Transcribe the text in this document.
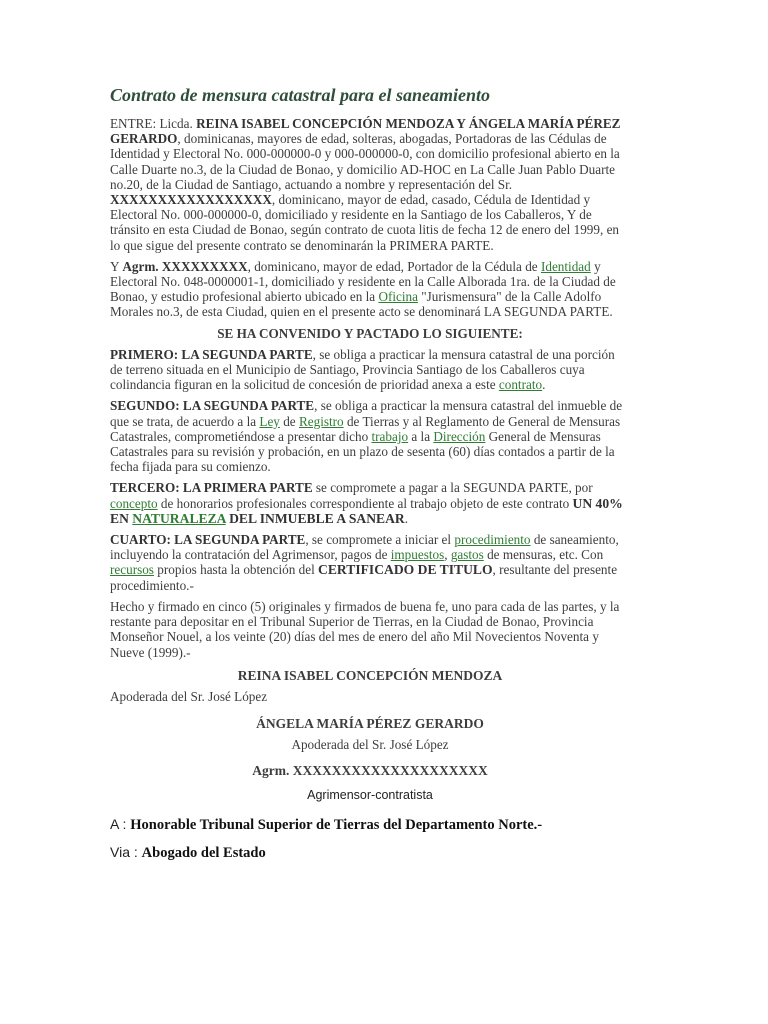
Contrato de mensura catastral para el saneamiento

ENTRE: Licda. REINA ISABEL CONCEPCIÓN MENDOZA Y ÁNGELA MARÍA PÉREZ GERARDO, dominicanas, mayores de edad, solteras, abogadas, Portadoras de las Cédulas de Identidad y Electoral No. 000-000000-0 y 000-000000-0, con domicilio profesional abierto en la Calle Duarte no.3, de la Ciudad de Bonao, y domicilio AD-HOC en La Calle Juan Pablo Duarte no.20, de la Ciudad de Santiago, actuando a nombre y representación del Sr. XXXXXXXXXXXXXXXXX, dominicano, mayor de edad, casado, Cédula de Identidad y Electoral No. 000-000000-0, domiciliado y residente en la Santiago de los Caballeros, Y de tránsito en esta Ciudad de Bonao, según contrato de cuota litis de fecha 12 de enero del 1999, en lo que sigue del presente contrato se denominarán la PRIMERA PARTE.

Y Agrm. XXXXXXXXX, dominicano, mayor de edad, Portador de la Cédula de Identidad y Electoral No. 048-0000001-1, domiciliado y residente en la Calle Alborada 1ra. de la Ciudad de Bonao, y estudio profesional abierto ubicado en la Oficina "Jurismensura" de la Calle Adolfo Morales no.3, de esta Ciudad, quien en el presente acto se denominará LA SEGUNDA PARTE.

SE HA CONVENIDO Y PACTADO LO SIGUIENTE:

PRIMERO: LA SEGUNDA PARTE, se obliga a practicar la mensura catastral de una porción de terreno situada en el Municipio de Santiago, Provincia Santiago de los Caballeros cuya colindancia figuran en la solicitud de concesión de prioridad anexa a este contrato.

SEGUNDO: LA SEGUNDA PARTE, se obliga a practicar la mensura catastral del inmueble de que se trata, de acuerdo a la Ley de Registro de Tierras y al Reglamento de General de Mensuras Catastrales, comprometiéndose a presentar dicho trabajo a la Dirección General de Mensuras Catastrales para su revisión y probación, en un plazo de sesenta (60) días contados a partir de la fecha fijada para su comienzo.

TERCERO: LA PRIMERA PARTE se compromete a pagar a la SEGUNDA PARTE, por concepto de honorarios profesionales correspondiente al trabajo objeto de este contrato UN 40% EN NATURALEZA DEL INMUEBLE A SANEAR.

CUARTO: LA SEGUNDA PARTE, se compromete a iniciar el procedimiento de saneamiento, incluyendo la contratación del Agrimensor, pagos de impuestos, gastos de mensuras, etc. Con recursos propios hasta la obtención del CERTIFICADO DE TITULO, resultante del presente procedimiento.-

Hecho y firmado en cinco (5) originales y firmados de buena fe, uno para cada de las partes, y la restante para depositar en el Tribunal Superior de Tierras, en la Ciudad de Bonao, Provincia Monseñor Nouel, a los veinte (20) días del mes de enero del año Mil Novecientos Noventa y Nueve (1999).-

REINA ISABEL CONCEPCIÓN MENDOZA
Apoderada del Sr. José López
ÁNGELA MARÍA PÉREZ GERARDO
Apoderada del Sr. José López
Agrm. XXXXXXXXXXXXXXXXXXXX
Agrimensor-contratista
A : Honorable Tribunal Superior de Tierras del Departamento Norte.-
Via : Abogado del Estado
